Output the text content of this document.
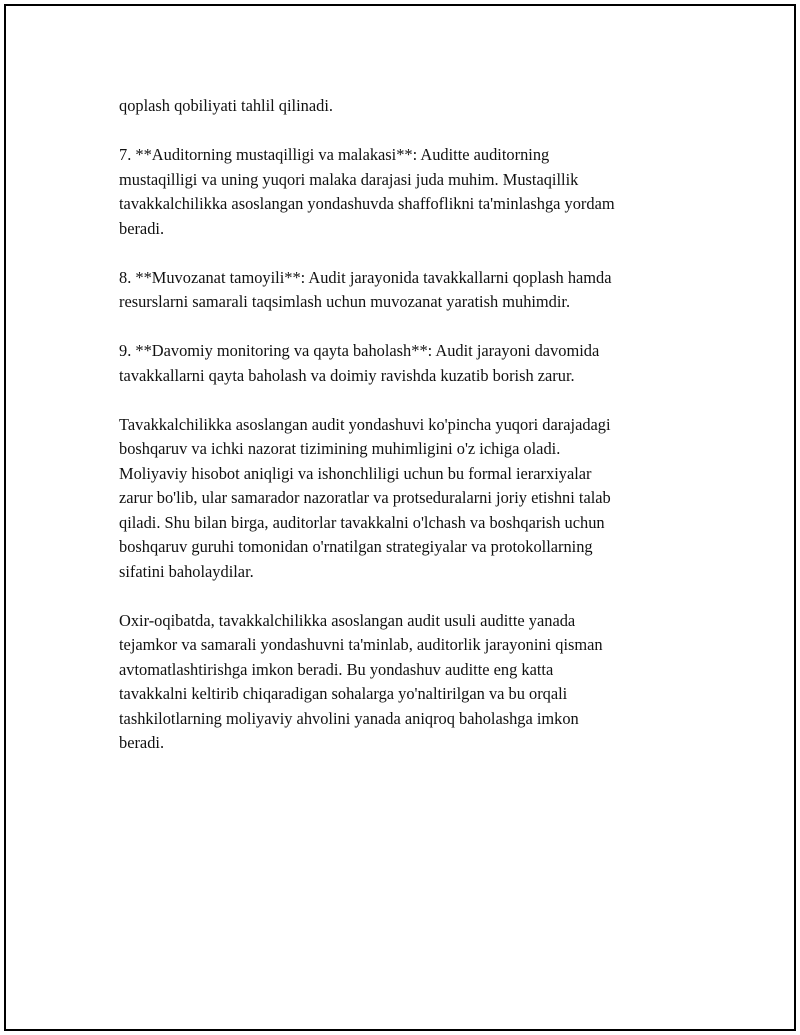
qoplash qobiliyati tahlil qilinadi.

7. **Auditorning mustaqilligi va malakasi**: Auditte auditorning
mustaqilligi va uning yuqori malaka darajasi juda muhim. Mustaqillik
tavakkalchilikka asoslangan yondashuvda shaffoflikni ta'minlashga yordam
beradi.

8. **Muvozanat tamoyili**: Audit jarayonida tavakkallarni qoplash hamda
resurslarni samarali taqsimlash uchun muvozanat yaratish muhimdir.

9. **Davomiy monitoring va qayta baholash**: Audit jarayoni davomida
tavakkallarni qayta baholash va doimiy ravishda kuzatib borish zarur.

Tavakkalchilikka asoslangan audit yondashuvi ko'pincha yuqori darajadagi
boshqaruv va ichki nazorat tizimining muhimligini o'z ichiga oladi.
Moliyaviy hisobot aniqligi va ishonchliligi uchun bu formal ierarxiyalar
zarur bo'lib, ular samarador nazoratlar va protseduralarni joriy etishni talab
qiladi. Shu bilan birga, auditorlar tavakkalni o'lchash va boshqarish uchun
boshqaruv guruhi tomonidan o'rnatilgan strategiyalar va protokollarning
sifatini baholaydilar.

Oxir-oqibatda, tavakkalchilikka asoslangan audit usuli auditte yanada
tejamkor va samarali yondashuvni ta'minlab, auditorlik jarayonini qisman
avtomatlashtirishga imkon beradi. Bu yondashuv auditte eng katta
tavakkalni keltirib chiqaradigan sohalarga yo'naltirilgan va bu orqali
tashkilotlarning moliyaviy ahvolini yanada aniqroq baholashga imkon
beradi.
